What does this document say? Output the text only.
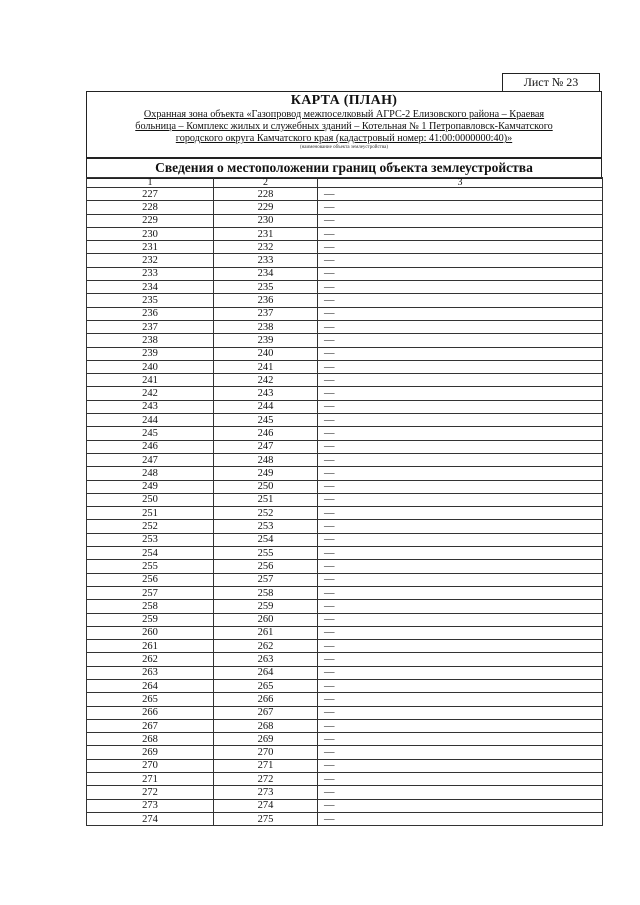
Лист № 23
КАРТА (ПЛАН)
Охранная зона объекта «Газопровод межпоселковый АГРС-2 Елизовского района – Краевая
больница – Комплекс жилых и служебных зданий – Котельная № 1 Петропавловск-Камчатского
городского округа Камчатского края (кадастровый номер: 41:00:0000000:40)»
(наименование объекта землеустройства)
Сведения о местоположении границ объекта землеустройства
1	2	3
227	228	—
228	229	—
229	230	—
230	231	—
231	232	—
232	233	—
233	234	—
234	235	—
235	236	—
236	237	—
237	238	—
238	239	—
239	240	—
240	241	—
241	242	—
242	243	—
243	244	—
244	245	—
245	246	—
246	247	—
247	248	—
248	249	—
249	250	—
250	251	—
251	252	—
252	253	—
253	254	—
254	255	—
255	256	—
256	257	—
257	258	—
258	259	—
259	260	—
260	261	—
261	262	—
262	263	—
263	264	—
264	265	—
265	266	—
266	267	—
267	268	—
268	269	—
269	270	—
270	271	—
271	272	—
272	273	—
273	274	—
274	275	—
